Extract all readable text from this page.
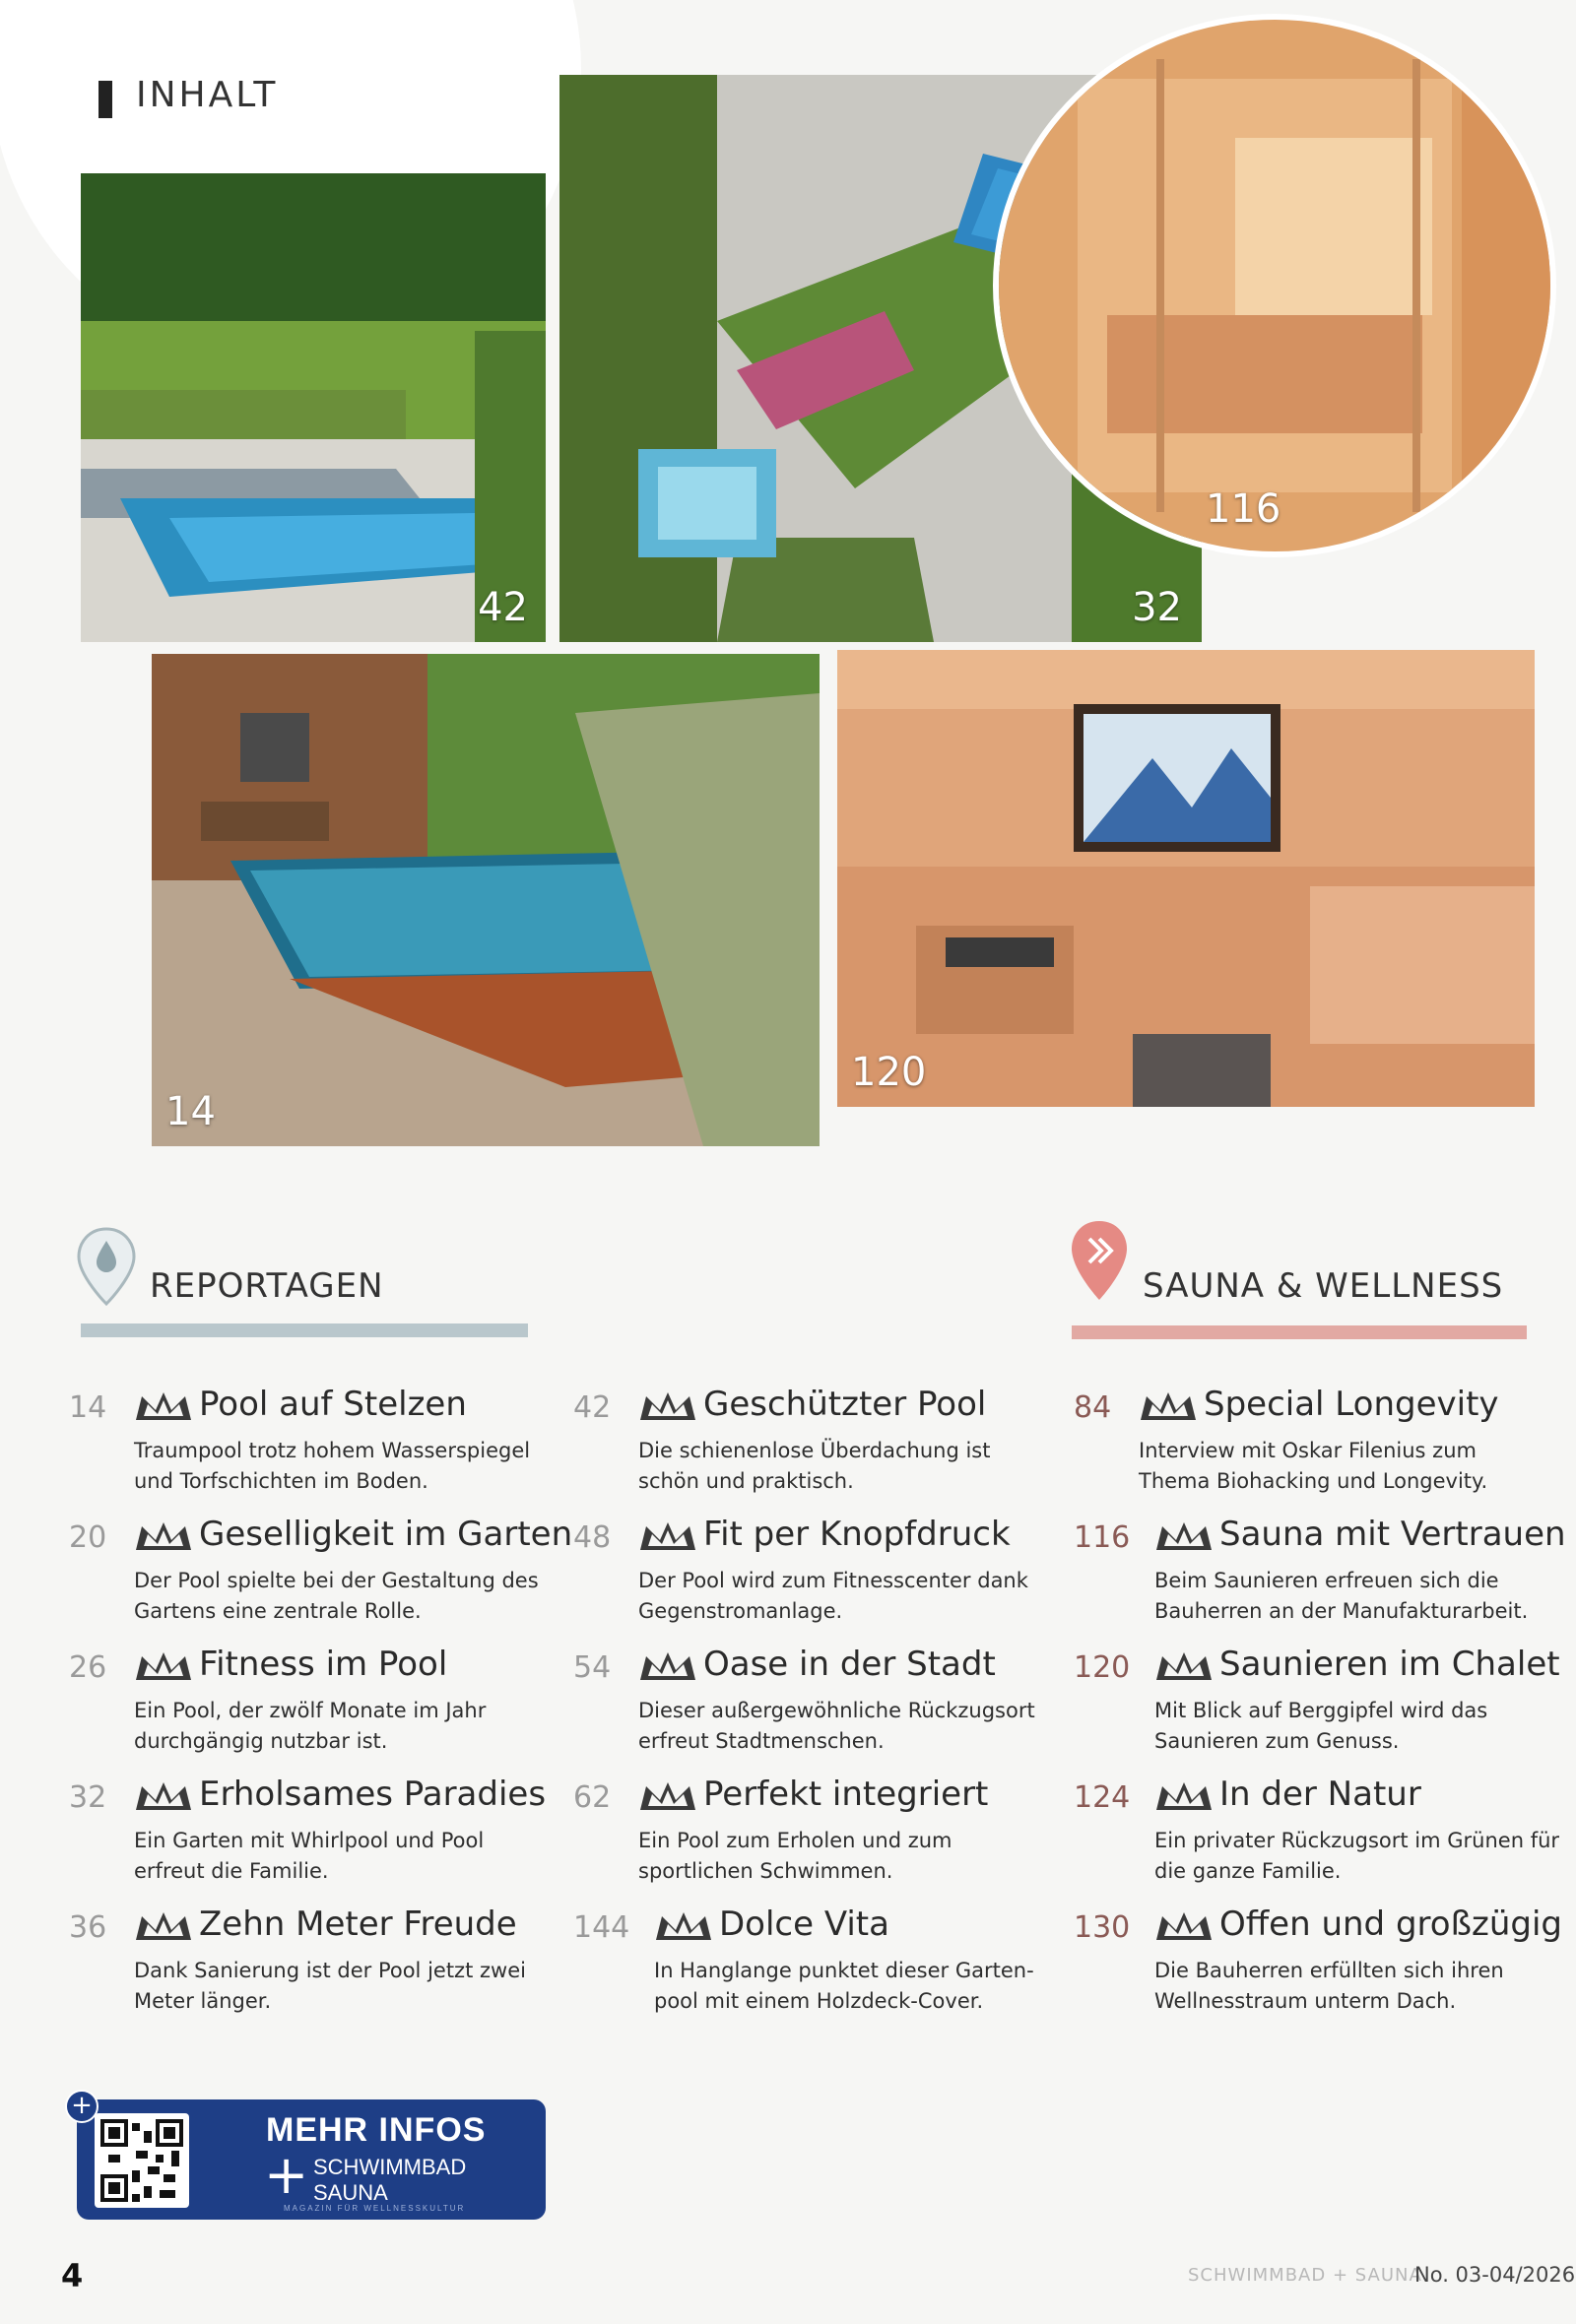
INHALT
42	32
116
14
120
REPORTAGEN	SAUNA & WELLNESS
14	Pool auf Stelzen
Traumpool trotz hohem Wasserspiegel und Torfschichten im Boden.
20	Geselligkeit im Garten
Der Pool spielte bei der Gestaltung des Gartens eine zentrale Rolle.
26	Fitness im Pool
Ein Pool, der zwölf Monate im Jahr durchgängig nutzbar ist.
32	Erholsames Paradies
Ein Garten mit Whirlpool und Pool erfreut die Familie.
36	Zehn Meter Freude
Dank Sanierung ist der Pool jetzt zwei Meter länger.
42	Geschützter Pool
Die schienenlose Überdachung ist schön und praktisch.
48	Fit per Knopfdruck
Der Pool wird zum Fitnesscenter dank Gegenstromanlage.
54	Oase in der Stadt
Dieser außergewöhnliche Rückzugsort erfreut Stadtmenschen.
62	Perfekt integriert
Ein Pool zum Erholen und zum sportlichen Schwimmen.
144	Dolce Vita
In Hanglange punktet dieser Garten-pool mit einem Holzdeck-Cover.
84	Special Longevity
Interview mit Oskar Filenius zum Thema Biohacking und Longevity.
116	Sauna mit Vertrauen
Beim Saunieren erfreuen sich die Bauherren an der Manufakturarbeit.
120	Saunieren im Chalet
Mit Blick auf Berggipfel wird das Saunieren zum Genuss.
124	In der Natur
Ein privater Rückzugsort im Grünen für die ganze Familie.
130	Offen und großzügig
Die Bauherren erfüllten sich ihren Wellnesstraum unterm Dach.
MEHR INFOS
+ SCHWIMMBAD
SAUNA
MAGAZIN FÜR WELLNESSKULTUR
+
4	SCHWIMMBAD + SAUNA
No. 03-04/2026
